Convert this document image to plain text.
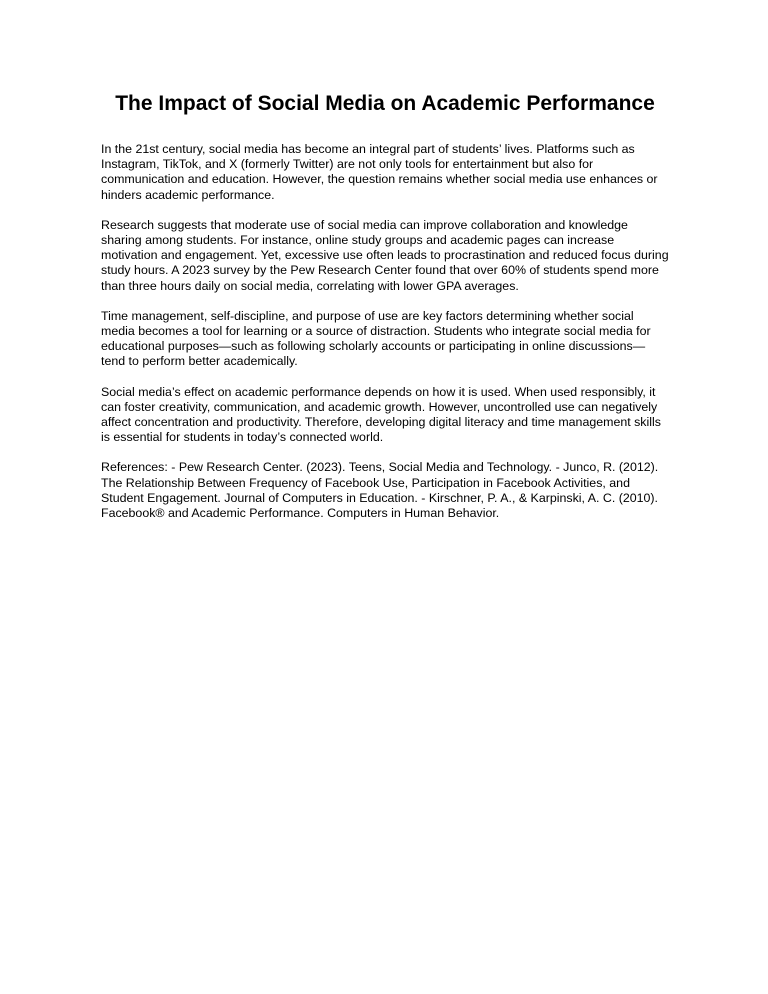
The Impact of Social Media on Academic Performance

In the 21st century, social media has become an integral part of students’ lives. Platforms such as Instagram, TikTok, and X (formerly Twitter) are not only tools for entertainment but also for communication and education. However, the question remains whether social media use enhances or hinders academic performance.

Research suggests that moderate use of social media can improve collaboration and knowledge sharing among students. For instance, online study groups and academic pages can increase motivation and engagement. Yet, excessive use often leads to procrastination and reduced focus during study hours. A 2023 survey by the Pew Research Center found that over 60% of students spend more than three hours daily on social media, correlating with lower GPA averages.

Time management, self-discipline, and purpose of use are key factors determining whether social media becomes a tool for learning or a source of distraction. Students who integrate social media for educational purposes—such as following scholarly accounts or participating in online discussions—tend to perform better academically.

Social media’s effect on academic performance depends on how it is used. When used responsibly, it can foster creativity, communication, and academic growth. However, uncontrolled use can negatively affect concentration and productivity. Therefore, developing digital literacy and time management skills is essential for students in today’s connected world.

References: - Pew Research Center. (2023). Teens, Social Media and Technology. - Junco, R. (2012). The Relationship Between Frequency of Facebook Use, Participation in Facebook Activities, and Student Engagement. Journal of Computers in Education. - Kirschner, P. A., & Karpinski, A. C. (2010). Facebook® and Academic Performance. Computers in Human Behavior.
